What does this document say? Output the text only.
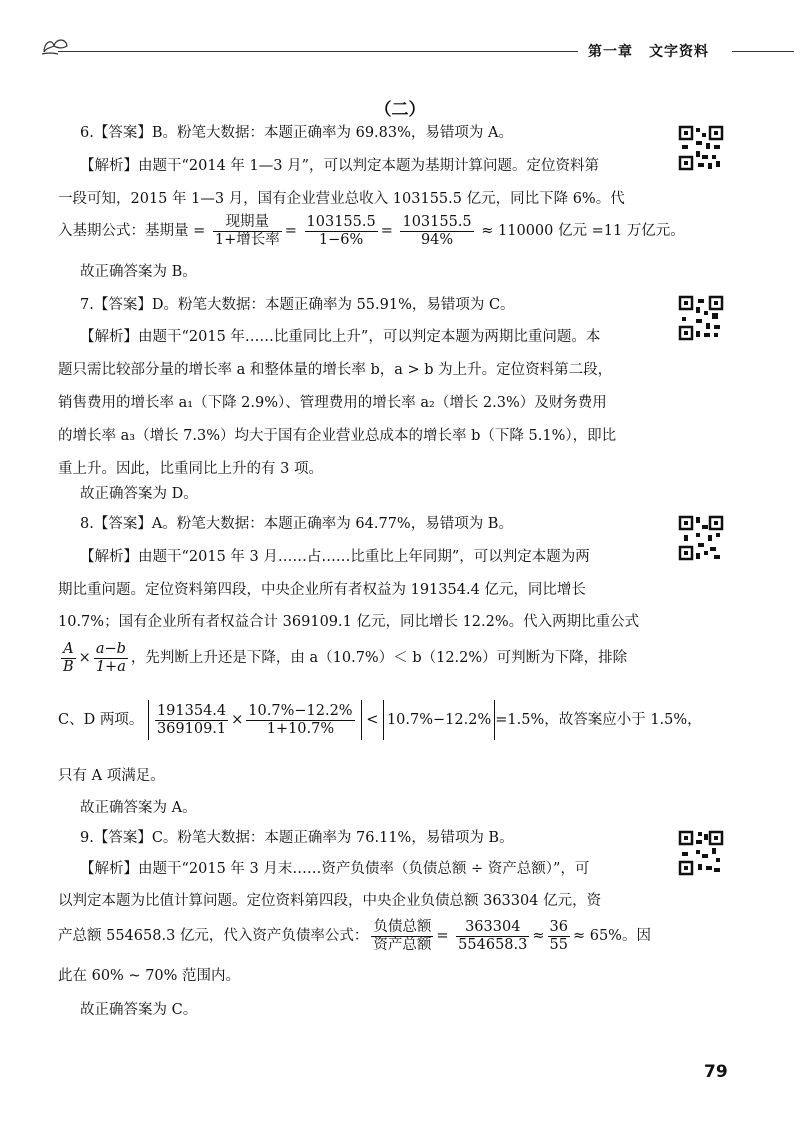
第一章 文字资料
（二）
6.【答案】B。粉笔大数据：本题正确率为 69.83%，易错项为 A。
【解析】由题干“2014 年 1—3 月”，可以判定本题为基期计算问题。定位资料第
一段可知，2015 年 1—3 月，国有企业营业总收入 103155.5 亿元，同比下降 6%。代
入基期公式：基期量 = $\frac{\text{现期量}}{\text{1+增长率}} = \frac{103155.5}{1-6\%} = \frac{103155.5}{94\%} \approx 110000$ 亿元 =11 万亿元。
故正确答案为 B。
7.【答案】D。粉笔大数据：本题正确率为 55.91%，易错项为 C。
【解析】由题干“2015 年……比重同比上升”，可以判定本题为两期比重问题。本
题只需比较部分量的增长率 a 和整体量的增长率 b，a > b 为上升。定位资料第二段，
销售费用的增长率 a₁（下降 2.9%）、管理费用的增长率 a₂（增长 2.3%）及财务费用
的增长率 a₃（增长 7.3%）均大于国有企业营业总成本的增长率 b（下降 5.1%），即比
重上升。因此，比重同比上升的有 3 项。
故正确答案为 D。
8.【答案】A。粉笔大数据：本题正确率为 64.77%，易错项为 B。
【解析】由题干“2015 年 3 月……占……比重比上年同期”，可以判定本题为两
期比重问题。定位资料第四段，中央企业所有者权益为 191354.4 亿元，同比增长
10.7%；国有企业所有者权益合计 369109.1 亿元，同比增长 12.2%。代入两期比重公式
$\frac{A}{B} \times \frac{a-b}{1+a}$ ，先判断上升还是下降，由 a（10.7%）＜ b（12.2%）可判断为下降，排除
C、D 两项。 $\frac{191354.4}{369109.1} \times \frac{10.7\%-12.2\%}{1+10.7\%} < 10.7\%-12.2\% =1.5\%$，故答案应小于 1.5%，
只有 A 项满足。
故正确答案为 A。
9.【答案】C。粉笔大数据：本题正确率为 76.11%，易错项为 B。
【解析】由题干“2015 年 3 月末……资产负债率（负债总额 ÷ 资产总额）”，可
以判定本题为比值计算问题。定位资料第四段，中央企业负债总额 363304 亿元，资
产总额 554658.3 亿元，代入资产负债率公式： $\frac{\text{负债总额}}{\text{资产总额}} = \frac{363304}{554658.3} \approx \frac{36}{55} \approx 65\%$。因
此在 60% ~ 70% 范围内。
故正确答案为 C。
79
